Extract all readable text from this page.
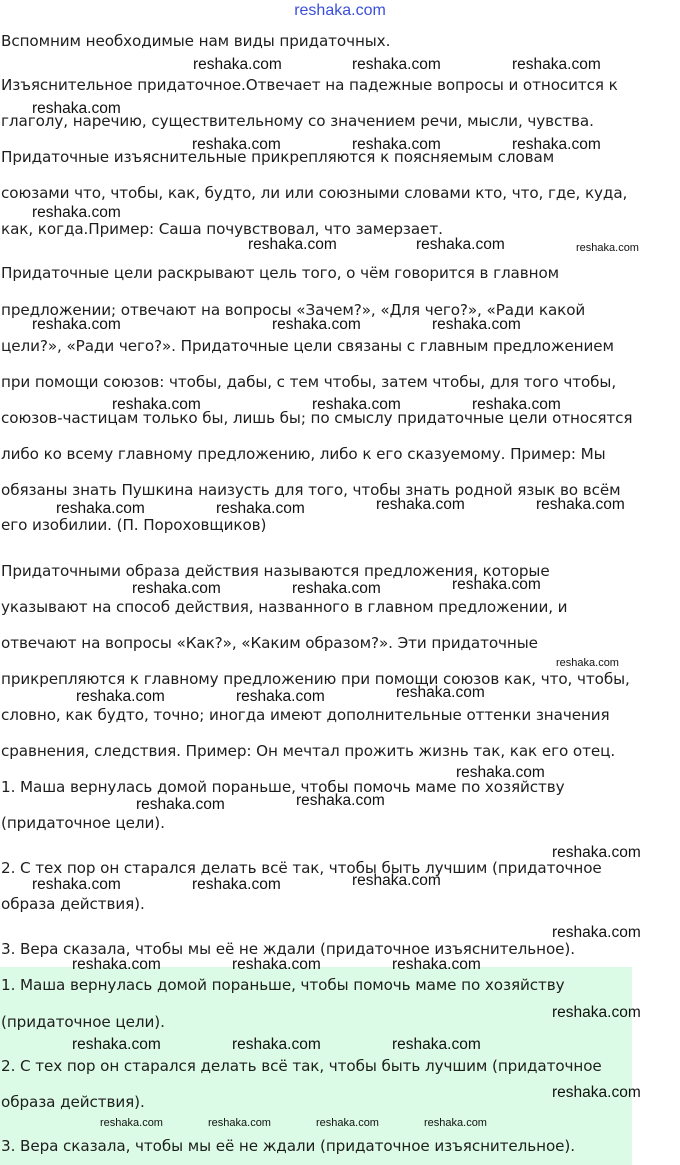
reshaka.com
Вспомним необходимые нам виды придаточных.
Изъяснительное придаточное.Отвечает на падежные вопросы и относится к
глаголу, наречию, существительному со значением речи, мысли, чувства.
Придаточные изъяснительные прикрепляются к поясняемым словам
союзами что, чтобы, как, будто, ли или союзными словами кто, что, где, куда,
как, когда.Пример: Саша почувствовал, что замерзает.
Придаточные цели раскрывают цель того, о чём говорится в главном
предложении; отвечают на вопросы «Зачем?», «Для чего?», «Ради какой
цели?», «Ради чего?». Придаточные цели связаны с главным предложением
при помощи союзов: чтобы, дабы, с тем чтобы, затем чтобы, для того чтобы,
союзов-частицам только бы, лишь бы; по смыслу придаточные цели относятся
либо ко всему главному предложению, либо к его сказуемому. Пример: Мы
обязаны знать Пушкина наизусть для того, чтобы знать родной язык во всём
его изобилии. (П. Пороховщиков)
Придаточными образа действия называются предложения, которые
указывают на способ действия, названного в главном предложении, и
отвечают на вопросы «Как?», «Каким образом?». Эти придаточные
прикрепляются к главному предложению при помощи союзов как, что, чтобы,
словно, как будто, точно; иногда имеют дополнительные оттенки значения
сравнения, следствия. Пример: Он мечтал прожить жизнь так, как его отец.
1. Маша вернулась домой пораньше, чтобы помочь маме по хозяйству
(придаточное цели).
2. С тех пор он старался делать всё так, чтобы быть лучшим (придаточное
образа действия).
3. Вера сказала, чтобы мы её не ждали (придаточное изъяснительное).
1. Маша вернулась домой пораньше, чтобы помочь маме по хозяйству
(придаточное цели).
2. С тех пор он старался делать всё так, чтобы быть лучшим (придаточное
образа действия).
3. Вера сказала, чтобы мы её не ждали (придаточное изъяснительное).
reshaka.com	reshaka.com	reshaka.com
reshaka.com
reshaka.com	reshaka.com	reshaka.com
reshaka.com
reshaka.com	reshaka.com	reshaka.com
reshaka.com	reshaka.com	reshaka.com
reshaka.com	reshaka.com	reshaka.com
reshaka.com	reshaka.com	reshaka.com	reshaka.com
reshaka.com	reshaka.com	reshaka.com
reshaka.com
reshaka.com	reshaka.com	reshaka.com
reshaka.com
reshaka.com	reshaka.com
reshaka.com
reshaka.com	reshaka.com	reshaka.com
reshaka.com
reshaka.com	reshaka.com	reshaka.com
reshaka.com
reshaka.com	reshaka.com	reshaka.com
reshaka.com
reshaka.com	reshaka.com	reshaka.com	reshaka.com
